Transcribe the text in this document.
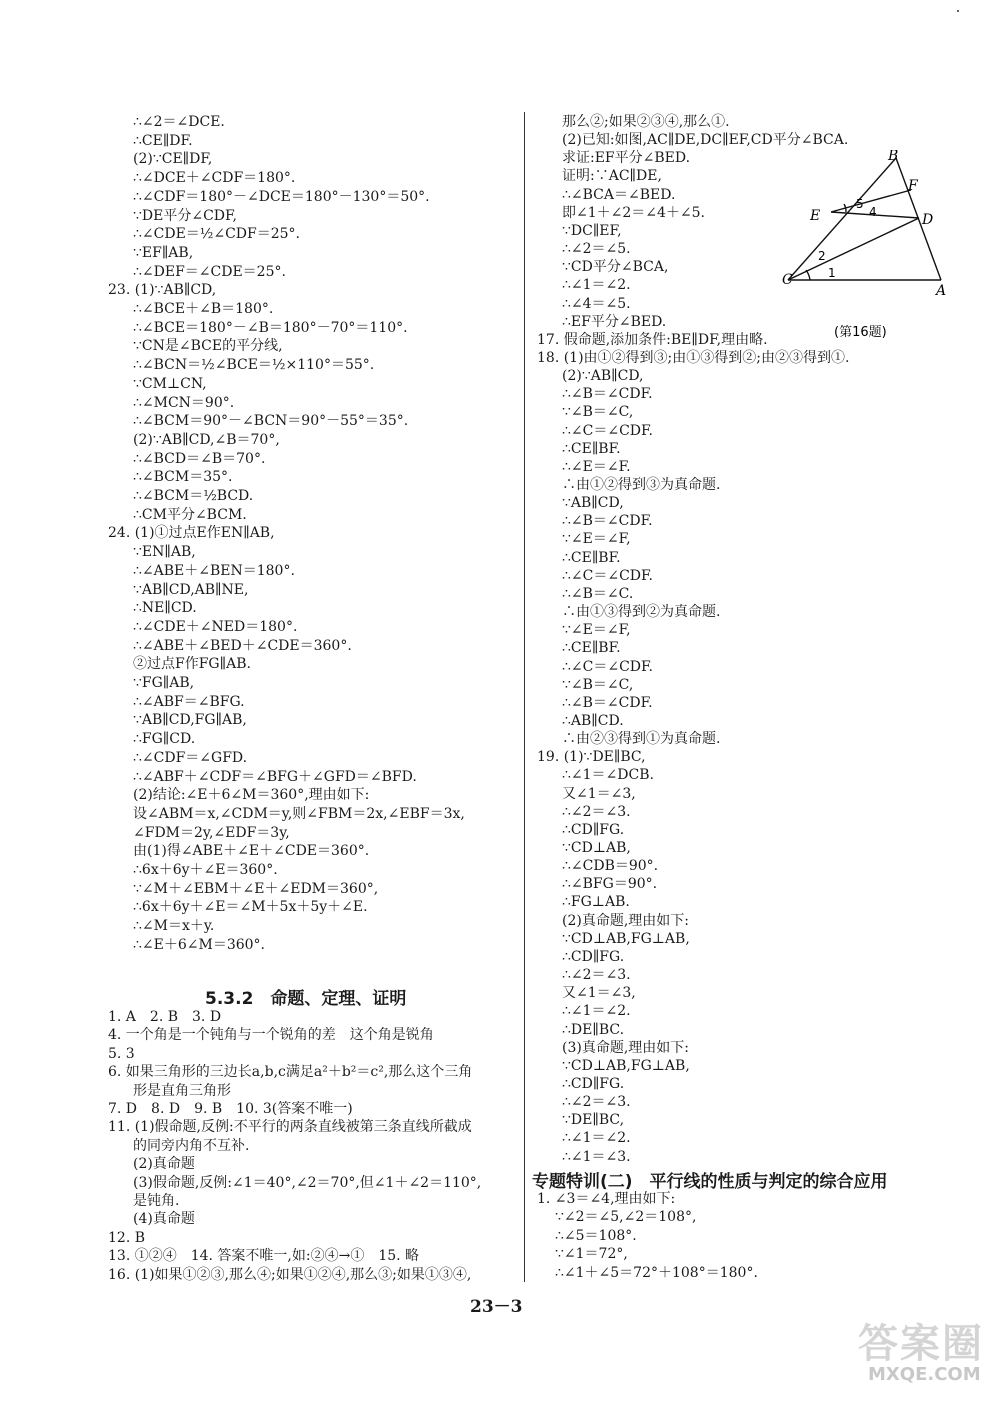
∴∠2＝∠DCE.
∴CE∥DF.
(2)∵CE∥DF,
∴∠DCE＋∠CDF＝180°.
∴∠CDF＝180°－∠DCE＝180°－130°＝50°.
∵DE平分∠CDF,
∴∠CDE＝½∠CDF＝25°.
∵EF∥AB,
∴∠DEF＝∠CDE＝25°.
23. (1)∵AB∥CD,
∴∠BCE＋∠B＝180°.
∴∠BCE＝180°－∠B＝180°－70°＝110°.
∵CN是∠BCE的平分线,
∴∠BCN＝½∠BCE＝½×110°＝55°.
∵CM⊥CN,
∴∠MCN＝90°.
∴∠BCM＝90°－∠BCN＝90°－55°＝35°.
(2)∵AB∥CD,∠B＝70°,
∴∠BCD＝∠B＝70°.
∴∠BCM＝35°.
∴∠BCM＝½BCD.
∴CM平分∠BCM.
24. (1)①过点E作EN∥AB,
∵EN∥AB,
∴∠ABE＋∠BEN＝180°.
∵AB∥CD,AB∥NE,
∴NE∥CD.
∴∠CDE＋∠NED＝180°.
∴∠ABE＋∠BED＋∠CDE＝360°.
②过点F作FG∥AB.
∵FG∥AB,
∴∠ABF＝∠BFG.
∵AB∥CD,FG∥AB,
∴FG∥CD.
∴∠CDF＝∠GFD.
∴∠ABF＋∠CDF＝∠BFG＋∠GFD＝∠BFD.
(2)结论:∠E＋6∠M＝360°,理由如下:
设∠ABM＝x,∠CDM＝y,则∠FBM＝2x,∠EBF＝3x,
∠FDM＝2y,∠EDF＝3y,
由(1)得∠ABE＋∠E＋∠CDE＝360°.
∴6x＋6y＋∠E＝360°.
∵∠M＋∠EBM＋∠E＋∠EDM＝360°,
∴6x＋6y＋∠E＝∠M＋5x＋5y＋∠E.
∴∠M＝x＋y.
∴∠E＋6∠M＝360°.
5.3.2　命题、定理、证明
1. A　2. B　3. D
4. 一个角是一个钝角与一个锐角的差　这个角是锐角
5. 3
6. 如果三角形的三边长a,b,c满足a²＋b²＝c²,那么这个三角
形是直角三角形
7. D　8. D　9. B　10. 3(答案不唯一)
11. (1)假命题,反例:不平行的两条直线被第三条直线所截成
的同旁内角不互补.
(2)真命题
(3)假命题,反例:∠1＝40°,∠2＝70°,但∠1＋∠2＝110°,
是钝角.
(4)真命题
12. B
13. ①②④　14. 答案不唯一,如:②④→①　15. 略
16. (1)如果①②③,那么④;如果①②④,那么③;如果①③④,
那么②;如果②③④,那么①.
(2)已知:如图,AC∥DE,DC∥EF,CD平分∠BCA.
求证:EF平分∠BED.
证明:∵AC∥DE,
∴∠BCA＝∠BED.
即∠1＋∠2＝∠4＋∠5.
∵DC∥EF,
∴∠2＝∠5.
∵CD平分∠BCA,
∴∠1＝∠2.
∴∠4＝∠5.
∴EF平分∠BED.
17. 假命题,添加条件:BE∥DF,理由略.
18. (1)由①②得到③;由①③得到②;由②③得到①.
(2)∵AB∥CD,
∴∠B＝∠CDF.
∵∠B＝∠C,
∴∠C＝∠CDF.
∴CE∥BF.
∴∠E＝∠F.
∴由①②得到③为真命题.
∵AB∥CD,
∴∠B＝∠CDF.
∵∠E＝∠F,
∴CE∥BF.
∴∠C＝∠CDF.
∴∠B＝∠C.
∴由①③得到②为真命题.
∵∠E＝∠F,
∴CE∥BF.
∴∠C＝∠CDF.
∵∠B＝∠C,
∴∠B＝∠CDF.
∴AB∥CD.
∴由②③得到①为真命题.
19. (1)∵DE∥BC,
∴∠1＝∠DCB.
又∠1＝∠3,
∴∠2＝∠3.
∴CD∥FG.
∵CD⊥AB,
∴∠CDB＝90°.
∴∠BFG＝90°.
∴FG⊥AB.
(2)真命题,理由如下:
∵CD⊥AB,FG⊥AB,
∴CD∥FG.
∴∠2＝∠3.
又∠1＝∠3,
∴∠1＝∠2.
∴DE∥BC.
(3)真命题,理由如下:
∵CD⊥AB,FG⊥AB,
∴CD∥FG.
∴∠2＝∠3.
∵DE∥BC,
∴∠1＝∠2.
∴∠1＝∠3.
专题特训(二)　平行线的性质与判定的综合应用
1. ∠3＝∠4,理由如下:
∵∠2＝∠5,∠2＝108°,
∴∠5＝108°.
∵∠1＝72°,
∴∠1＋∠5＝72°＋108°＝180°.
B
F
E	D
C
A
5
4
2
1
(第16题)
23－3
答案圈
MXQE.COM
